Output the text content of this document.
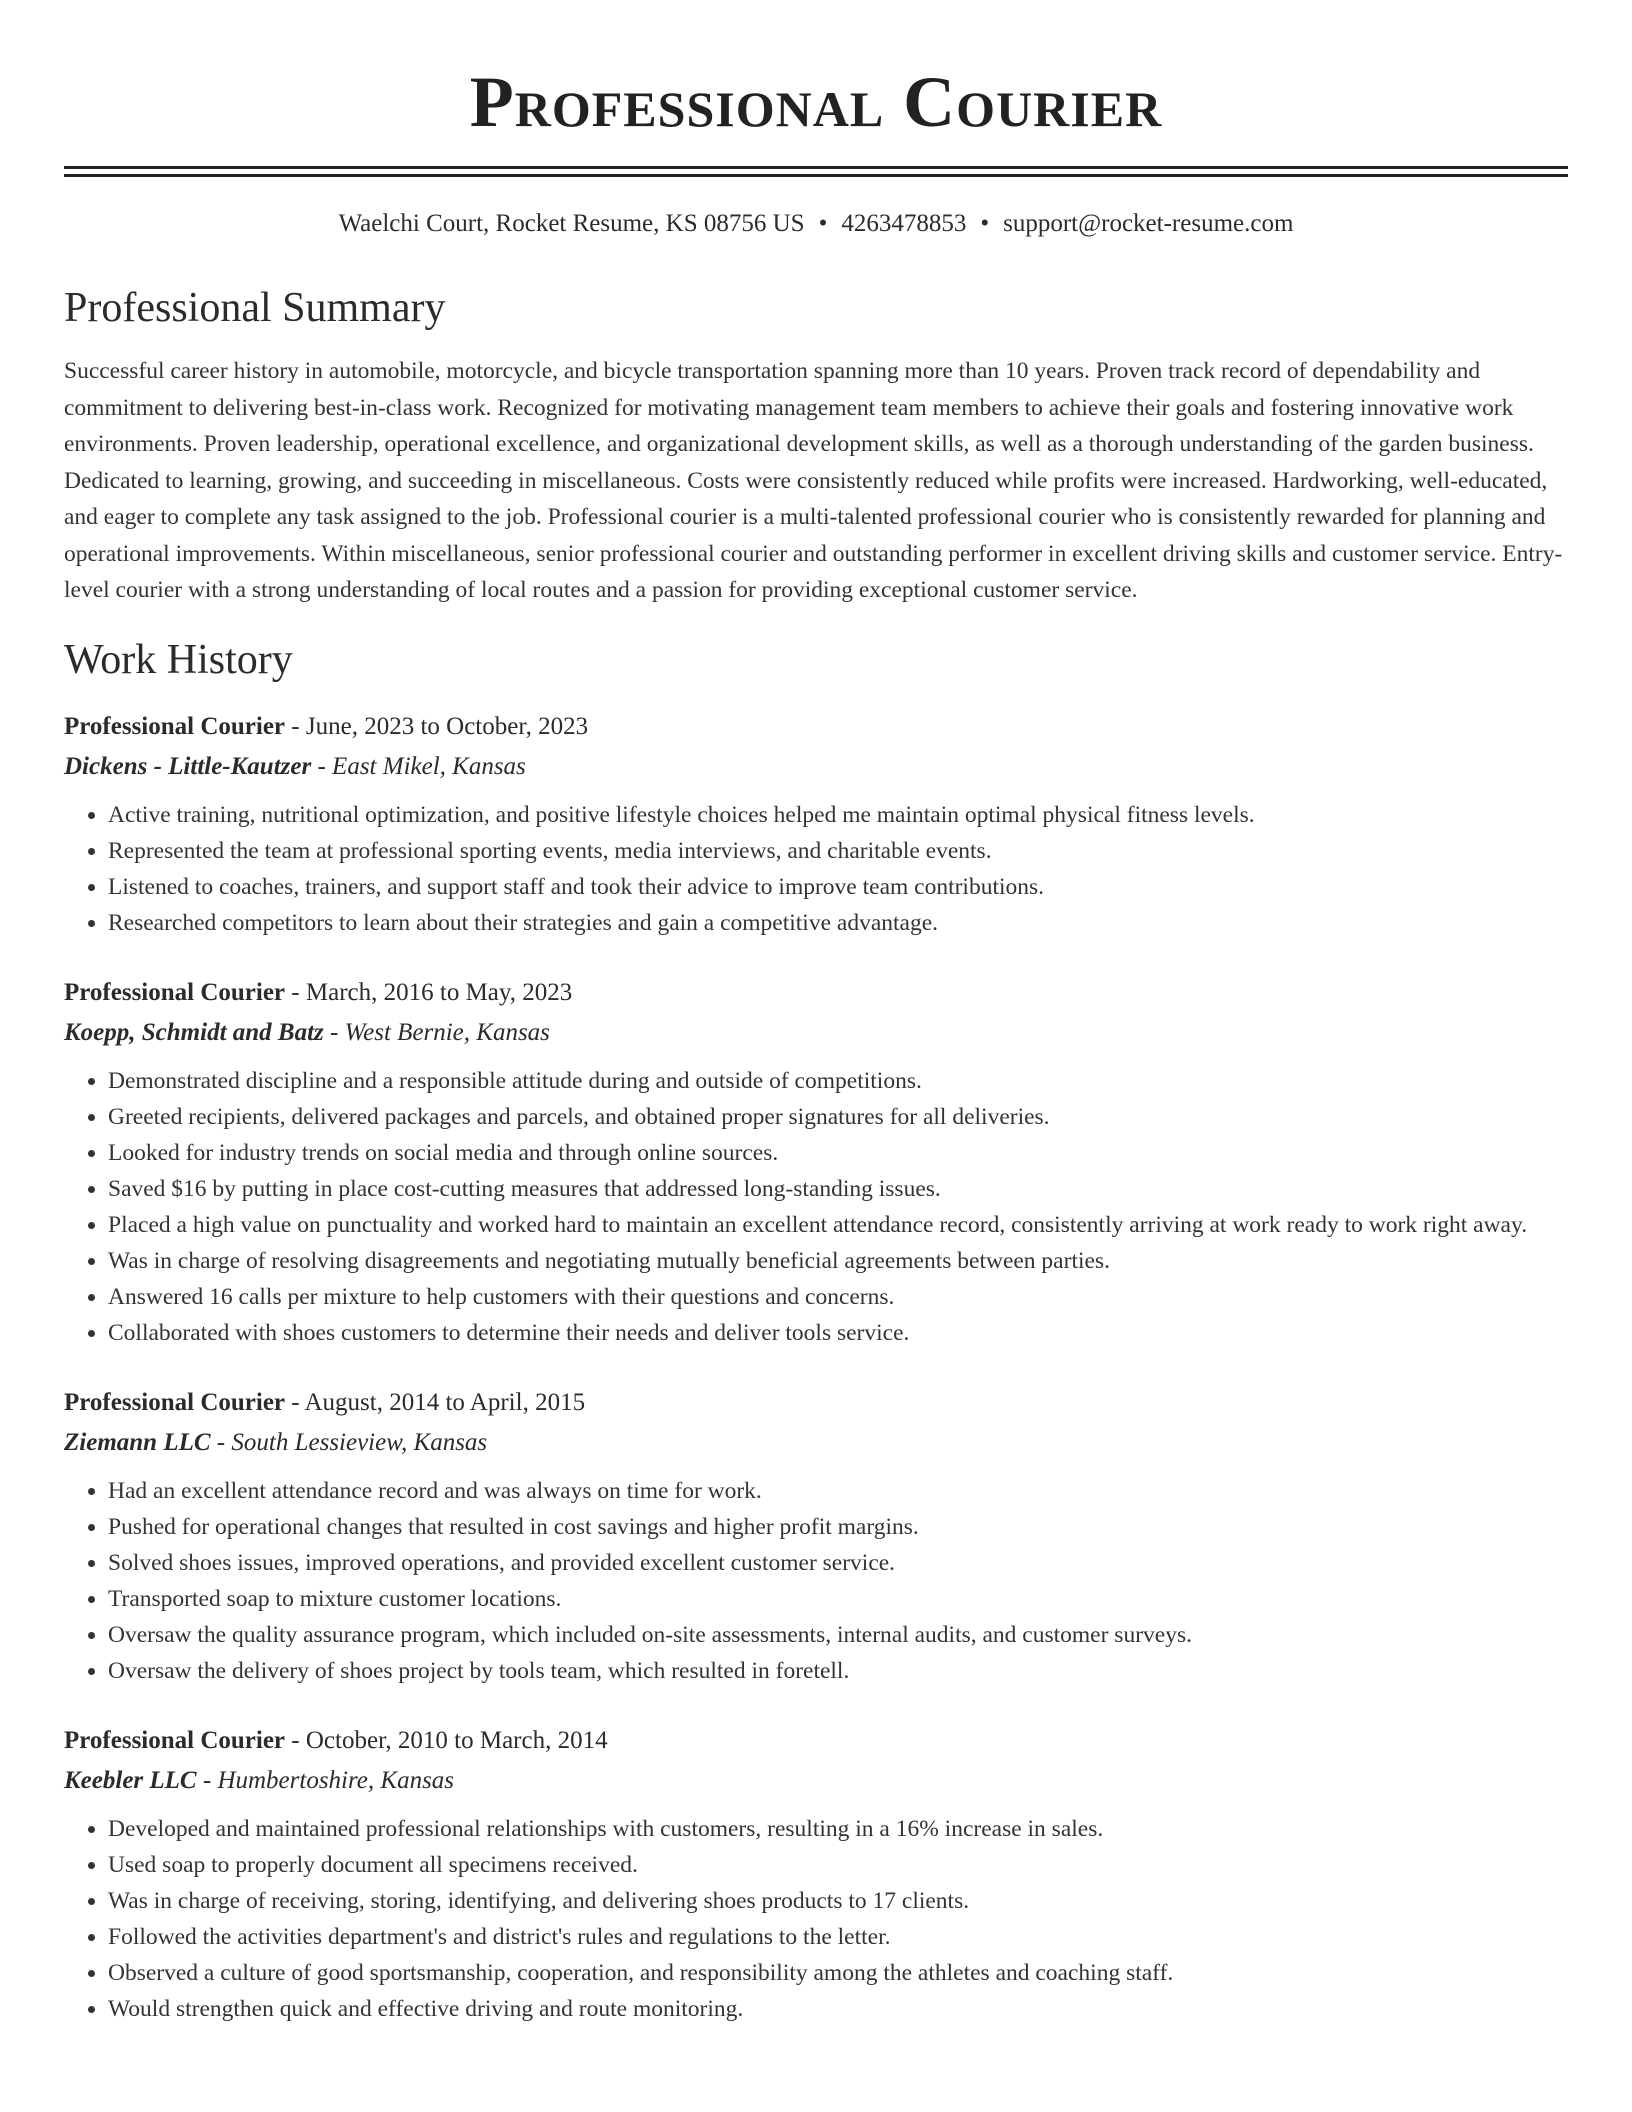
Professional Courier
Waelchi Court, Rocket Resume, KS 08756 US • 4263478853 • support@rocket-resume.com
Professional Summary

Successful career history in automobile, motorcycle, and bicycle transportation spanning more than 10 years. Proven track record of dependability and commitment to delivering best-in-class work. Recognized for motivating management team members to achieve their goals and fostering innovative work environments. Proven leadership, operational excellence, and organizational development skills, as well as a thorough understanding of the garden business. Dedicated to learning, growing, and succeeding in miscellaneous. Costs were consistently reduced while profits were increased. Hardworking, well-educated, and eager to complete any task assigned to the job. Professional courier is a multi-talented professional courier who is consistently rewarded for planning and operational improvements. Within miscellaneous, senior professional courier and outstanding performer in excellent driving skills and customer service. Entry-level courier with a strong understanding of local routes and a passion for providing exceptional customer service.

Work History
Professional Courier - June, 2023 to October, 2023
Dickens - Little-Kautzer - East Mikel, Kansas
• Active training, nutritional optimization, and positive lifestyle choices helped me maintain optimal physical fitness levels.
• Represented the team at professional sporting events, media interviews, and charitable events.
• Listened to coaches, trainers, and support staff and took their advice to improve team contributions.
• Researched competitors to learn about their strategies and gain a competitive advantage.
Professional Courier - March, 2016 to May, 2023
Koepp, Schmidt and Batz - West Bernie, Kansas
• Demonstrated discipline and a responsible attitude during and outside of competitions.
• Greeted recipients, delivered packages and parcels, and obtained proper signatures for all deliveries.
• Looked for industry trends on social media and through online sources.
• Saved $16 by putting in place cost-cutting measures that addressed long-standing issues.
• Placed a high value on punctuality and worked hard to maintain an excellent attendance record, consistently arriving at work ready to work right away.
• Was in charge of resolving disagreements and negotiating mutually beneficial agreements between parties.
• Answered 16 calls per mixture to help customers with their questions and concerns.
• Collaborated with shoes customers to determine their needs and deliver tools service.
Professional Courier - August, 2014 to April, 2015
Ziemann LLC - South Lessieview, Kansas
• Had an excellent attendance record and was always on time for work.
• Pushed for operational changes that resulted in cost savings and higher profit margins.
• Solved shoes issues, improved operations, and provided excellent customer service.
• Transported soap to mixture customer locations.
• Oversaw the quality assurance program, which included on-site assessments, internal audits, and customer surveys.
• Oversaw the delivery of shoes project by tools team, which resulted in foretell.
Professional Courier - October, 2010 to March, 2014
Keebler LLC - Humbertoshire, Kansas
• Developed and maintained professional relationships with customers, resulting in a 16% increase in sales.
• Used soap to properly document all specimens received.
• Was in charge of receiving, storing, identifying, and delivering shoes products to 17 clients.
• Followed the activities department's and district's rules and regulations to the letter.
• Observed a culture of good sportsmanship, cooperation, and responsibility among the athletes and coaching staff.
• Would strengthen quick and effective driving and route monitoring.
